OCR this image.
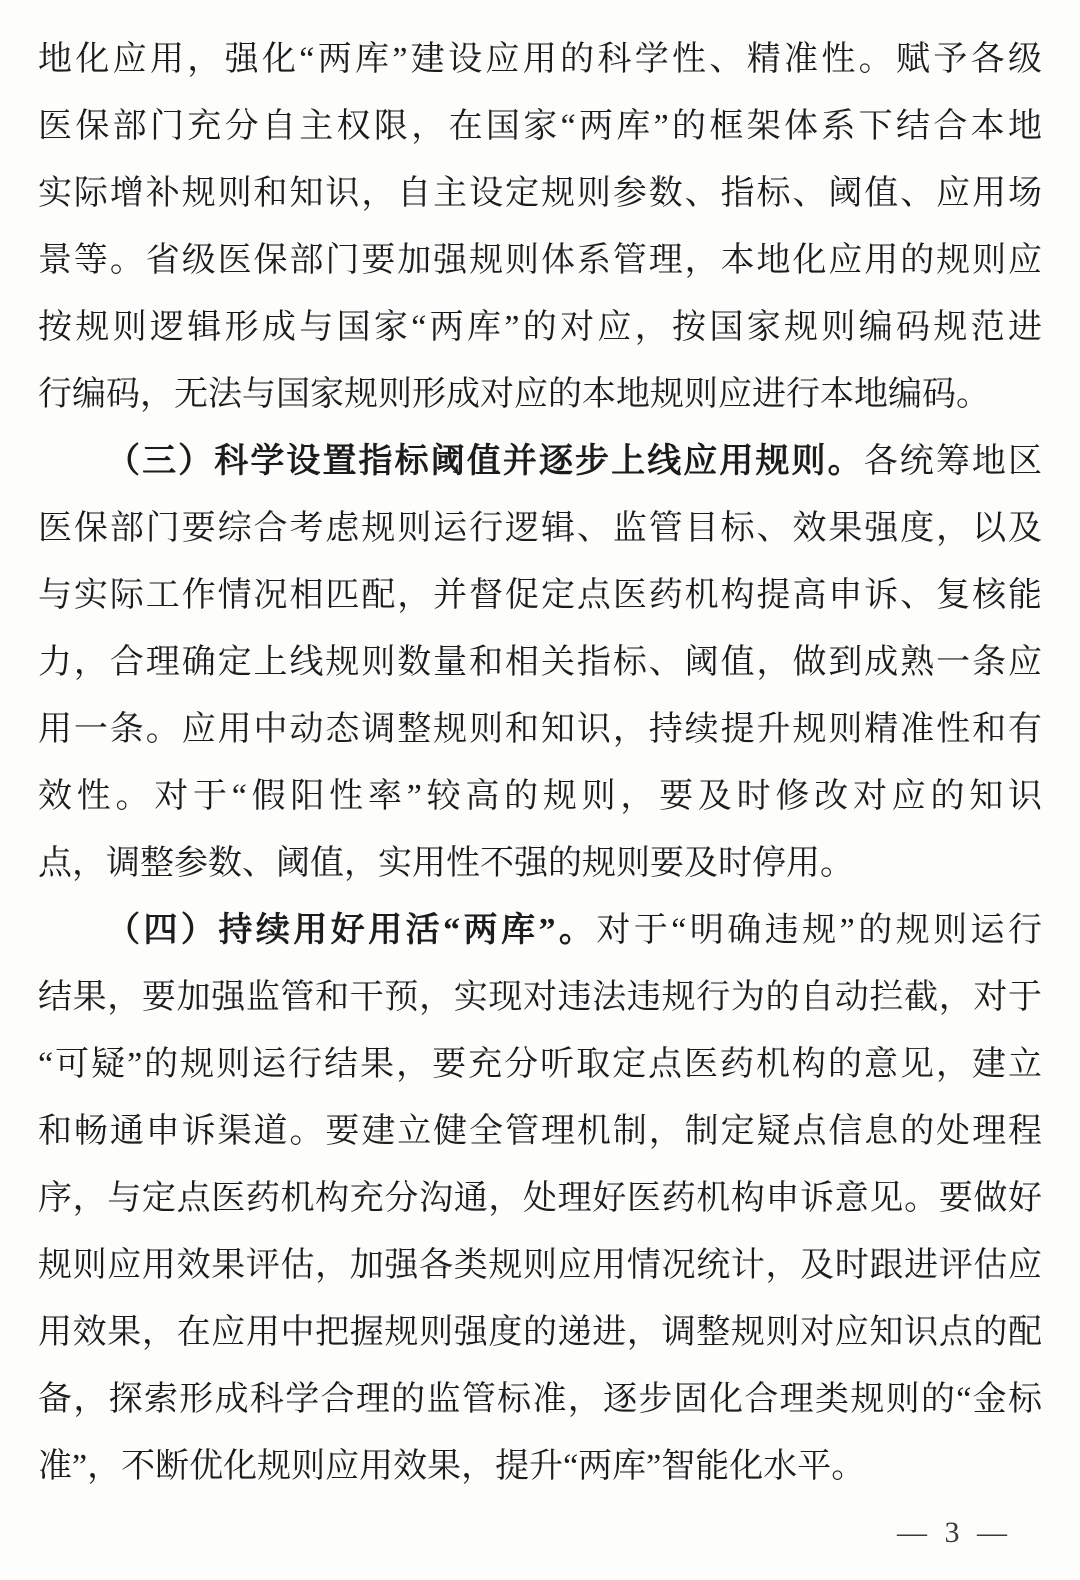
地化应用，强化“两库”建设应用的科学性、精准性。赋予各级
医保部门充分自主权限，在国家“两库”的框架体系下结合本地
实际增补规则和知识，自主设定规则参数、指标、阈值、应用场
景等。省级医保部门要加强规则体系管理，本地化应用的规则应
按规则逻辑形成与国家“两库”的对应，按国家规则编码规范进
行编码，无法与国家规则形成对应的本地规则应进行本地编码。
（三）科学设置指标阈值并逐步上线应用规则。各统筹地区
医保部门要综合考虑规则运行逻辑、监管目标、效果强度，以及
与实际工作情况相匹配，并督促定点医药机构提高申诉、复核能
力，合理确定上线规则数量和相关指标、阈值，做到成熟一条应
用一条。应用中动态调整规则和知识，持续提升规则精准性和有
效性。对于“假阳性率”较高的规则，要及时修改对应的知识
点，调整参数、阈值，实用性不强的规则要及时停用。
（四）持续用好用活“两库”。对于“明确违规”的规则运行
结果，要加强监管和干预，实现对违法违规行为的自动拦截，对于
“可疑”的规则运行结果，要充分听取定点医药机构的意见，建立
和畅通申诉渠道。要建立健全管理机制，制定疑点信息的处理程
序，与定点医药机构充分沟通，处理好医药机构申诉意见。要做好
规则应用效果评估，加强各类规则应用情况统计，及时跟进评估应
用效果，在应用中把握规则强度的递进，调整规则对应知识点的配
备，探索形成科学合理的监管标准，逐步固化合理类规则的“金标
准”，不断优化规则应用效果，提升“两库”智能化水平。
— 3 —
